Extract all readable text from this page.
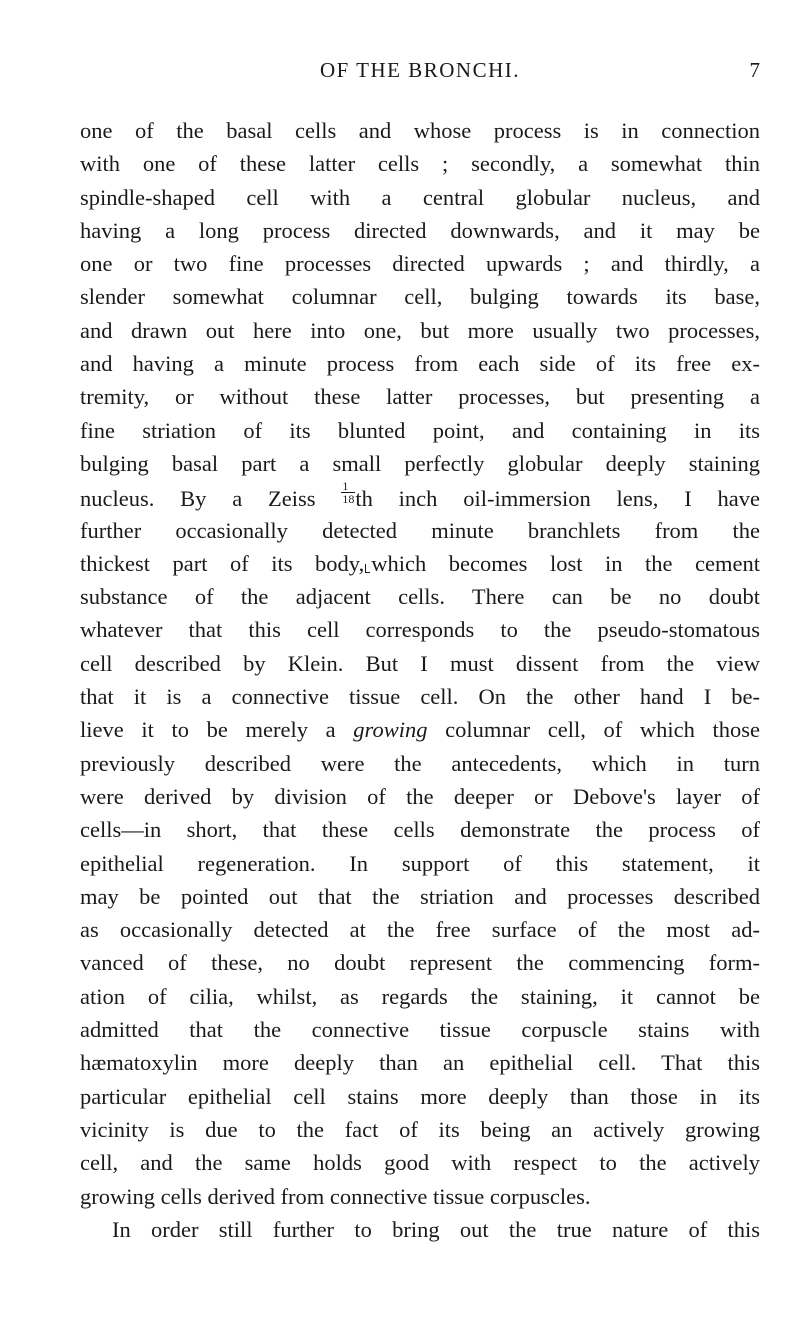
OF THE BRONCHI.	7
one of the basal cells and whose process is in connection
with one of these latter cells ; secondly, a somewhat thin
spindle-shaped cell with a central globular nucleus, and
having a long process directed downwards, and it may be
one or two fine processes directed upwards ; and thirdly, a
slender somewhat columnar cell, bulging towards its base,
and drawn out here into one, but more usually two processes,
and having a minute process from each side of its free ex-
tremity, or without these latter processes, but presenting a
fine striation of its blunted point, and containing in its
bulging basal part a small perfectly globular deeply staining
nucleus. By a Zeiss $\frac{1}{18}$ th inch oil-immersion lens, I have
further occasionally detected minute branchlets from the
thickest part of its body, which becomes lost in the cement
substance of the adjacent cells. There can be no doubt
whatever that this cell corresponds to the pseudo-stomatous
cell described by Klein. But I must dissent from the view
that it is a connective tissue cell. On the other hand I be-
lieve it to be merely a growing columnar cell, of which those
previously described were the antecedents, which in turn
were derived by division of the deeper or Debove's layer of
cells—in short, that these cells demonstrate the process of
epithelial regeneration. In support of this statement, it
may be pointed out that the striation and processes described
as occasionally detected at the free surface of the most ad-
vanced of these, no doubt represent the commencing form-
ation of cilia, whilst, as regards the staining, it cannot be
admitted that the connective tissue corpuscle stains with
hæmatoxylin more deeply than an epithelial cell. That this
particular epithelial cell stains more deeply than those in its
vicinity is due to the fact of its being an actively growing
cell, and the same holds good with respect to the actively
growing cells derived from connective tissue corpuscles.
In order still further to bring out the true nature of this
